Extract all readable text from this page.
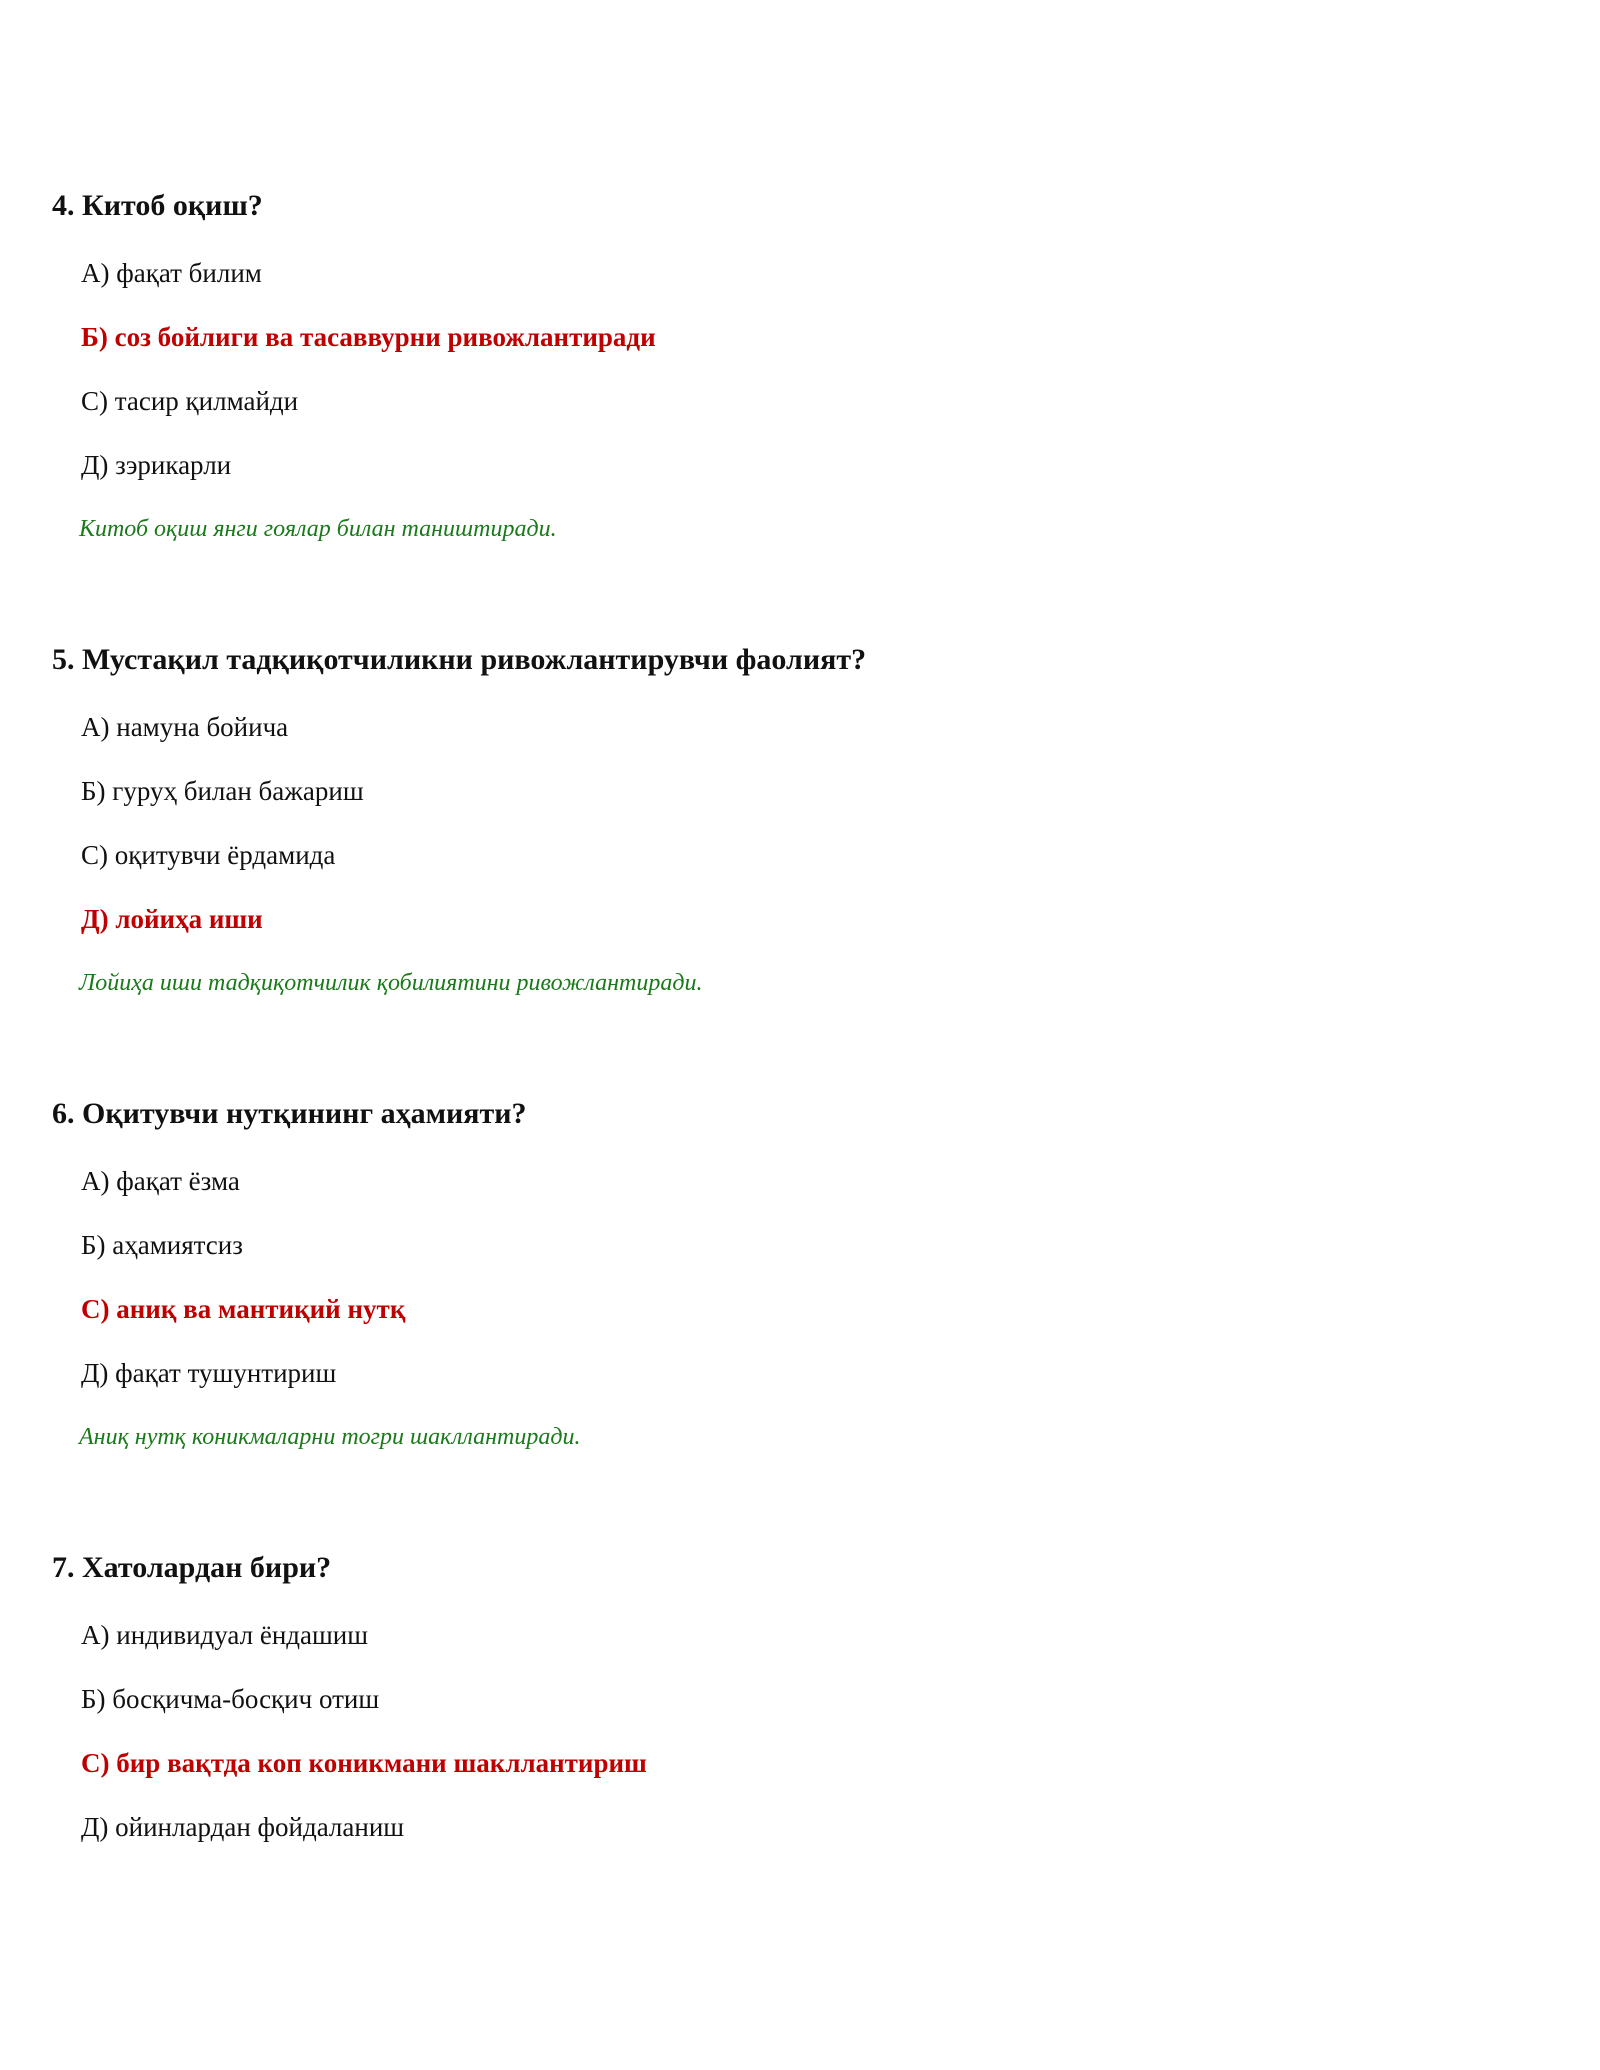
4. Китоб оқиш?
А) фақат билим
Б) соз бойлиги ва тасаввурни ривожлантиради
С) тасир қилмайди
Д) зэрикарли
Китоб оқиш янги гоялар билан таништиради.
5. Мустақил тадқиқотчиликни ривожлантирувчи фаолият?
А) намуна бойича
Б) гуруҳ билан бажариш
С) оқитувчи ёрдамида
Д) лойиҳа иши
Лойиҳа иши тадқиқотчилик қобилиятини ривожлантиради.
6. Оқитувчи нутқининг аҳамияти?
А) фақат ёзма
Б) аҳамиятсиз
С) аниқ ва мантиқий нутқ
Д) фақат тушунтириш
Аниқ нутқ коникмаларни тогри шакллантиради.
7. Хатолардан бири?
А) индивидуал ёндашиш
Б) босқичма-босқич отиш
С) бир вақтда коп коникмани шакллантириш
Д) ойинлардан фойдаланиш
